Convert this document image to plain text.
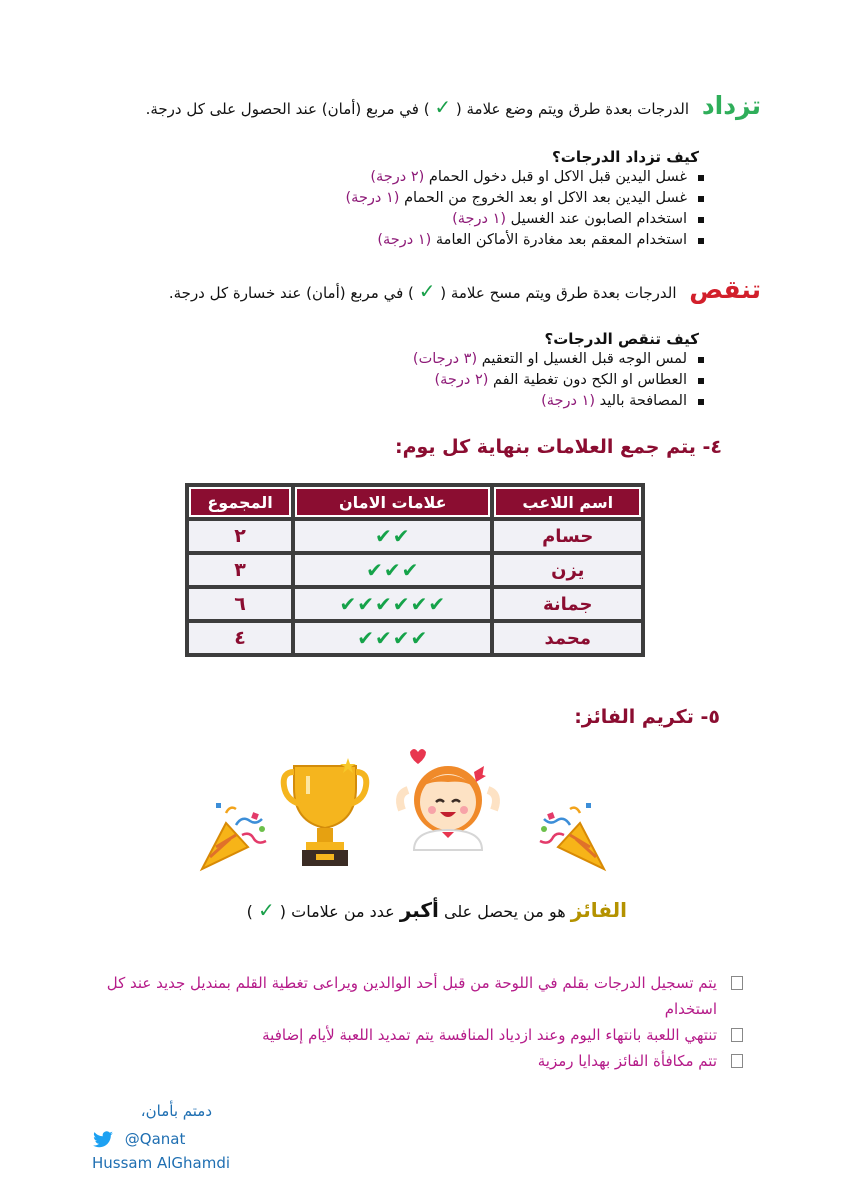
تزداد الدرجات بعدة طرق ويتم وضع علامة ( ✓ ) في مربع (أمان) عند الحصول على كل درجة.
كيف تزداد الدرجات؟
غسل اليدين قبل الاكل او قبل دخول الحمام (٢ درجة)
غسل اليدين بعد الاكل او بعد الخروج من الحمام (١ درجة)
استخدام الصابون عند الغسيل (١ درجة)
استخدام المعقم بعد مغادرة الأماكن العامة (١ درجة)
تنقص الدرجات بعدة طرق ويتم مسح علامة ( ✓ ) في مربع (أمان) عند خسارة كل درجة.
كيف تنقص الدرجات؟
لمس الوجه قبل الغسيل او التعقيم (٣ درجات)
العطاس او الكح دون تغطية الفم (٢ درجة)
المصافحة باليد (١ درجة)
٤- يتم جمع العلامات بنهاية كل يوم:
اسم اللاعب	علامات الامان	المجموع
حسام	✔✔	٢
يزن	✔✔✔	٣
جمانة	✔✔✔✔✔✔	٦
محمد	✔✔✔✔	٤
٥- تكريم الفائز:
الفائز هو من يحصل على أكبر عدد من علامات ( ✓ )
يتم تسجيل الدرجات بقلم في اللوحة من قبل أحد الوالدين ويراعى تغطية القلم بمنديل جديد عند كل استخدام
تنتهي اللعبة بانتهاء اليوم وعند ازدياد المنافسة يتم تمديد اللعبة لأيام إضافية
تتم مكافأة الفائز بهدايا رمزية
دمتم بأمان،
@Qanat
Hussam AlGhamdi
